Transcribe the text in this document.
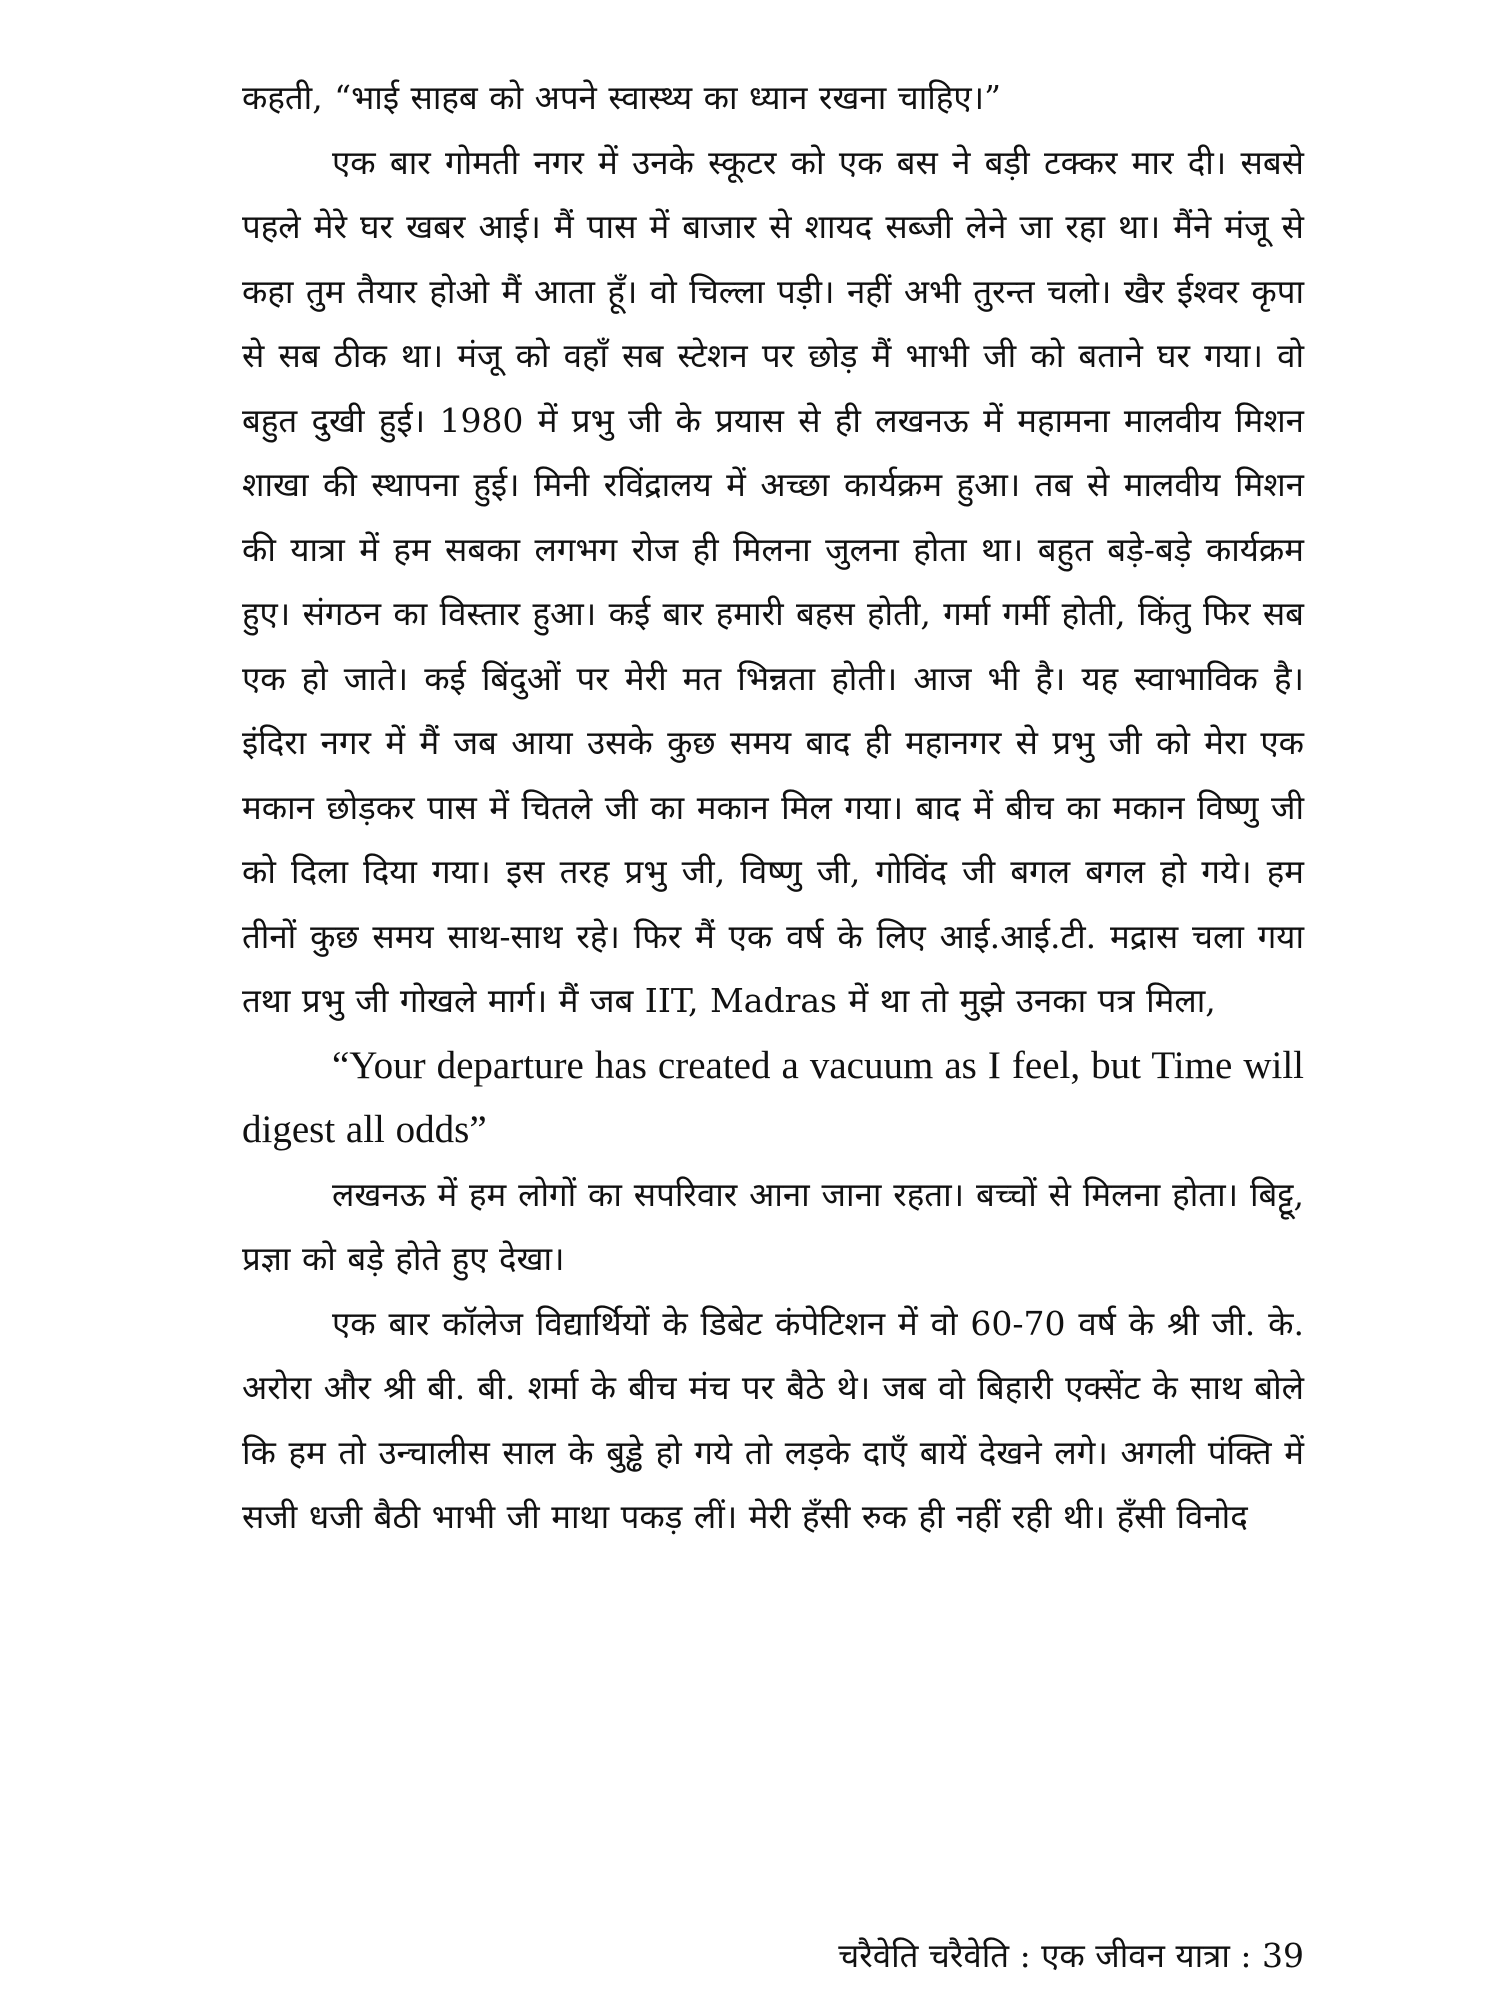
कहती, “भाई साहब को अपने स्वास्थ्य का ध्यान रखना चाहिए।”

एक बार गोमती नगर में उनके स्कूटर को एक बस ने बड़ी टक्कर मार दी। सबसे पहले मेरे घर खबर आई। मैं पास में बाजार से शायद सब्जी लेने जा रहा था। मैंने मंजू से कहा तुम तैयार होओ मैं आता हूँ। वो चिल्ला पड़ी। नहीं अभी तुरन्त चलो। खैर ईश्वर कृपा से सब ठीक था। मंजू को वहाँ सब स्टेशन पर छोड़ मैं भाभी जी को बताने घर गया। वो बहुत दुखी हुई। 1980 में प्रभु जी के प्रयास से ही लखनऊ में महामना मालवीय मिशन शाखा की स्थापना हुई। मिनी रविंद्रालय में अच्छा कार्यक्रम हुआ। तब से मालवीय मिशन की यात्रा में हम सबका लगभग रोज ही मिलना जुलना होता था। बहुत बड़े-बड़े कार्यक्रम हुए। संगठन का विस्तार हुआ। कई बार हमारी बहस होती, गर्मा गर्मी होती, किंतु फिर सब एक हो जाते। कई बिंदुओं पर मेरी मत भिन्नता होती। आज भी है। यह स्वाभाविक है। इंदिरा नगर में मैं जब आया उसके कुछ समय बाद ही महानगर से प्रभु जी को मेरा एक मकान छोड़कर पास में चितले जी का मकान मिल गया। बाद में बीच का मकान विष्णु जी को दिला दिया गया। इस तरह प्रभु जी, विष्णु जी, गोविंद जी बगल बगल हो गये। हम तीनों कुछ समय साथ-साथ रहे। फिर मैं एक वर्ष के लिए आई.आई.टी. मद्रास चला गया तथा प्रभु जी गोखले मार्ग। मैं जब IIT, Madras में था तो मुझे उनका पत्र मिला,

“Your departure has created a vacuum as I feel, but Time will digest all odds”

लखनऊ में हम लोगों का सपरिवार आना जाना रहता। बच्चों से मिलना होता। बिट्टू, प्रज्ञा को बड़े होते हुए देखा।

एक बार कॉलेज विद्यार्थियों के डिबेट कंपेटिशन में वो 60-70 वर्ष के श्री जी. के. अरोरा और श्री बी. बी. शर्मा के बीच मंच पर बैठे थे। जब वो बिहारी एक्सेंट के साथ बोले कि हम तो उन्चालीस साल के बुड्ढे हो गये तो लड़के दाएँ बायें देखने लगे। अगली पंक्ति में सजी धजी बैठी भाभी जी माथा पकड़ लीं। मेरी हँसी रुक ही नहीं रही थी। हँसी विनोद

चरैवेति चरैवेति : एक जीवन यात्रा : 39
